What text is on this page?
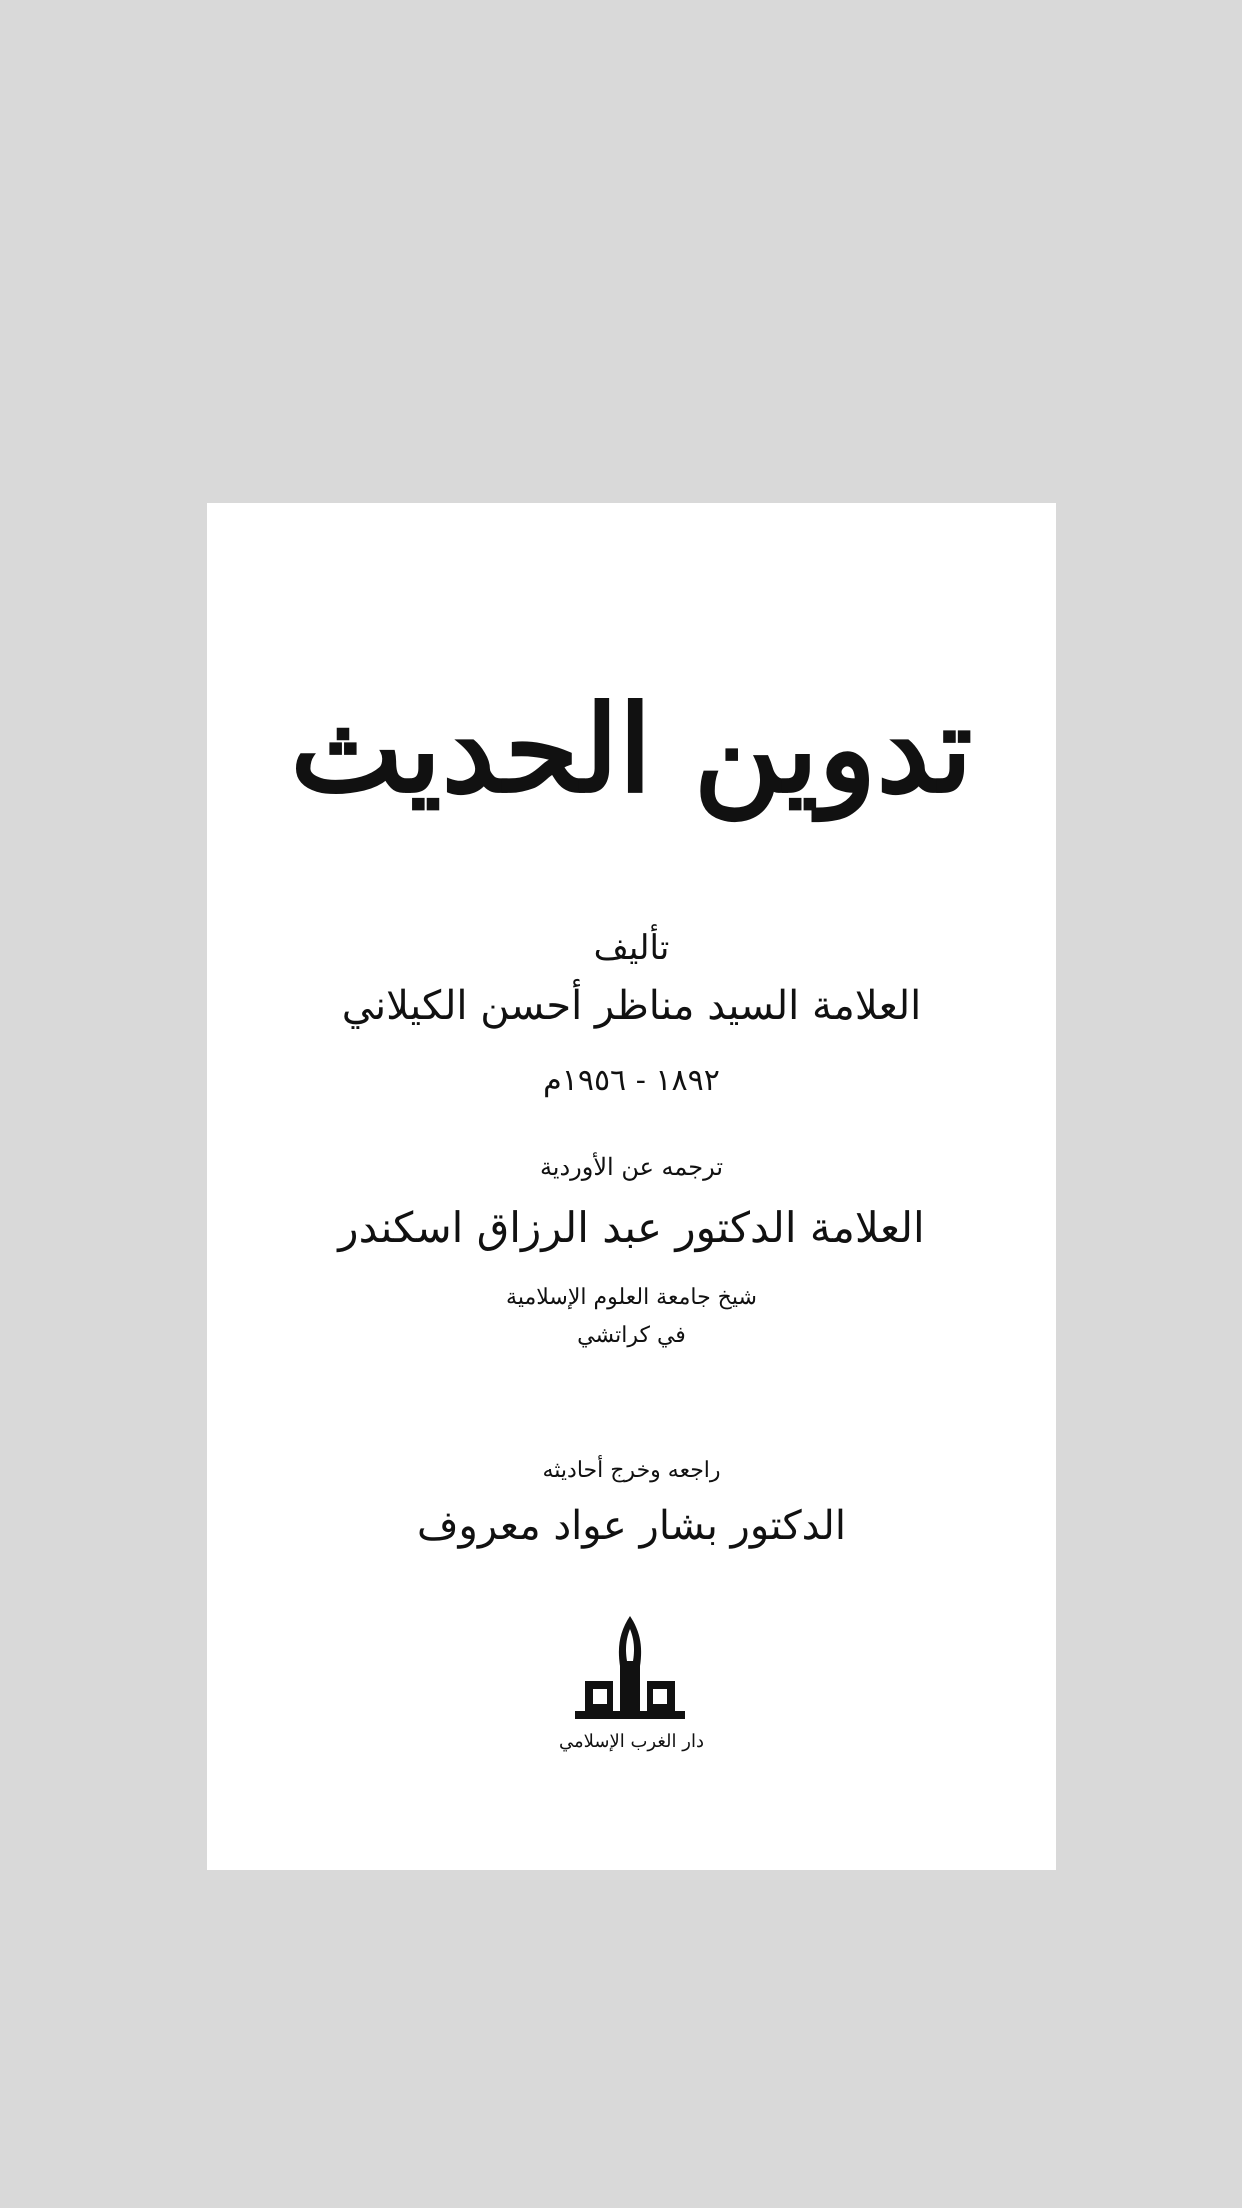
تدوين الحديث
تأليف
العلامة السيد مناظر أحسن الكيلاني
١٨٩٢ - ١٩٥٦م
ترجمه عن الأوردية
العلامة الدكتور عبد الرزاق اسكندر
شيخ جامعة العلوم الإسلامية
في كراتشي
راجعه وخرج أحاديثه
الدكتور بشار عواد معروف
دار الغرب الإسلامي
